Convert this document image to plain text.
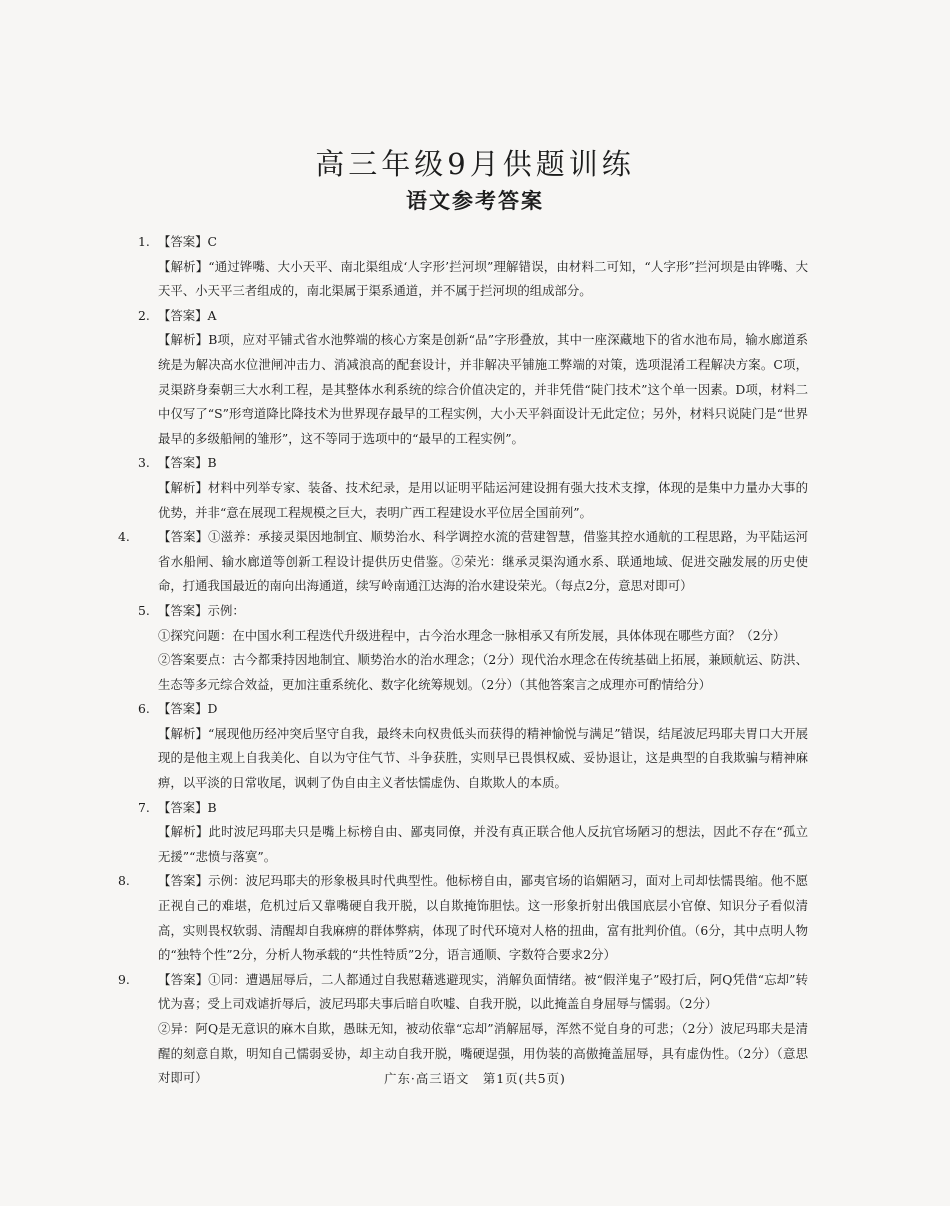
高三年级9月供题训练
语文参考答案

1. 【答案】C

【解析】“通过铧嘴、大小天平、南北渠组成‘人字形’拦河坝”理解错误，由材料二可知，“人字形”拦河坝是由铧嘴、大天平、小天平三者组成的，南北渠属于渠系通道，并不属于拦河坝的组成部分。

2. 【答案】A

【解析】B项，应对平铺式省水池弊端的核心方案是创新“品”字形叠放，其中一座深藏地下的省水池布局，输水廊道系统是为解决高水位泄闸冲击力、消减浪高的配套设计，并非解决平铺施工弊端的对策，选项混淆工程解决方案。C项，灵渠跻身秦朝三大水利工程，是其整体水利系统的综合价值决定的，并非凭借“陡门技术”这个单一因素。D项，材料二中仅写了“S”形弯道降比降技术为世界现存最早的工程实例，大小天平斜面设计无此定位；另外，材料只说陡门是“世界最早的多级船闸的雏形”，这不等同于选项中的“最早的工程实例”。

3. 【答案】B

【解析】材料中列举专家、装备、技术纪录，是用以证明平陆运河建设拥有强大技术支撑，体现的是集中力量办大事的优势，并非“意在展现工程规模之巨大，表明广西工程建设水平位居全国前列”。

4. 【答案】①滋养：承接灵渠因地制宜、顺势治水、科学调控水流的营建智慧，借鉴其控水通航的工程思路，为平陆运河省水船闸、输水廊道等创新工程设计提供历史借鉴。②荣光：继承灵渠沟通水系、联通地域、促进交融发展的历史使命，打通我国最近的南向出海通道，续写岭南通江达海的治水建设荣光。（每点2分，意思对即可）

5. 【答案】示例：

①探究问题：在中国水利工程迭代升级进程中，古今治水理念一脉相承又有所发展，具体体现在哪些方面？（2分）

②答案要点：古今都秉持因地制宜、顺势治水的治水理念；（2分）现代治水理念在传统基础上拓展，兼顾航运、防洪、生态等多元综合效益，更加注重系统化、数字化统筹规划。（2分）（其他答案言之成理亦可酌情给分）

6. 【答案】D

【解析】“展现他历经冲突后坚守自我，最终未向权贵低头而获得的精神愉悦与满足”错误，结尾波尼玛耶夫胃口大开展现的是他主观上自我美化、自以为守住气节、斗争获胜，实则早已畏惧权威、妥协退让，这是典型的自我欺骗与精神麻痹，以平淡的日常收尾，讽刺了伪自由主义者怯懦虚伪、自欺欺人的本质。

7. 【答案】B

【解析】此时波尼玛耶夫只是嘴上标榜自由、鄙夷同僚，并没有真正联合他人反抗官场陋习的想法，因此不存在“孤立无援”“悲愤与落寞”。

8. 【答案】示例：波尼玛耶夫的形象极具时代典型性。他标榜自由，鄙夷官场的谄媚陋习，面对上司却怯懦畏缩。他不愿正视自己的难堪，危机过后又靠嘴硬自我开脱，以自欺掩饰胆怯。这一形象折射出俄国底层小官僚、知识分子看似清高，实则畏权软弱、清醒却自我麻痹的群体弊病，体现了时代环境对人格的扭曲，富有批判价值。（6分，其中点明人物的“独特个性”2分，分析人物承载的“共性特质”2分，语言通顺、字数符合要求2分）

9. 【答案】①同：遭遇屈辱后，二人都通过自我慰藉逃避现实，消解负面情绪。被“假洋鬼子”殴打后，阿Q凭借“忘却”转忧为喜；受上司戏谑折辱后，波尼玛耶夫事后暗自吹嘘、自我开脱，以此掩盖自身屈辱与懦弱。（2分）

②异：阿Q是无意识的麻木自欺，愚昧无知，被动依靠“忘却”消解屈辱，浑然不觉自身的可悲；（2分）波尼玛耶夫是清醒的刻意自欺，明知自己懦弱妥协，却主动自我开脱，嘴硬逞强，用伪装的高傲掩盖屈辱，具有虚伪性。（2分）（意思对即可）	广东·高三语文　第1页(共5页)
